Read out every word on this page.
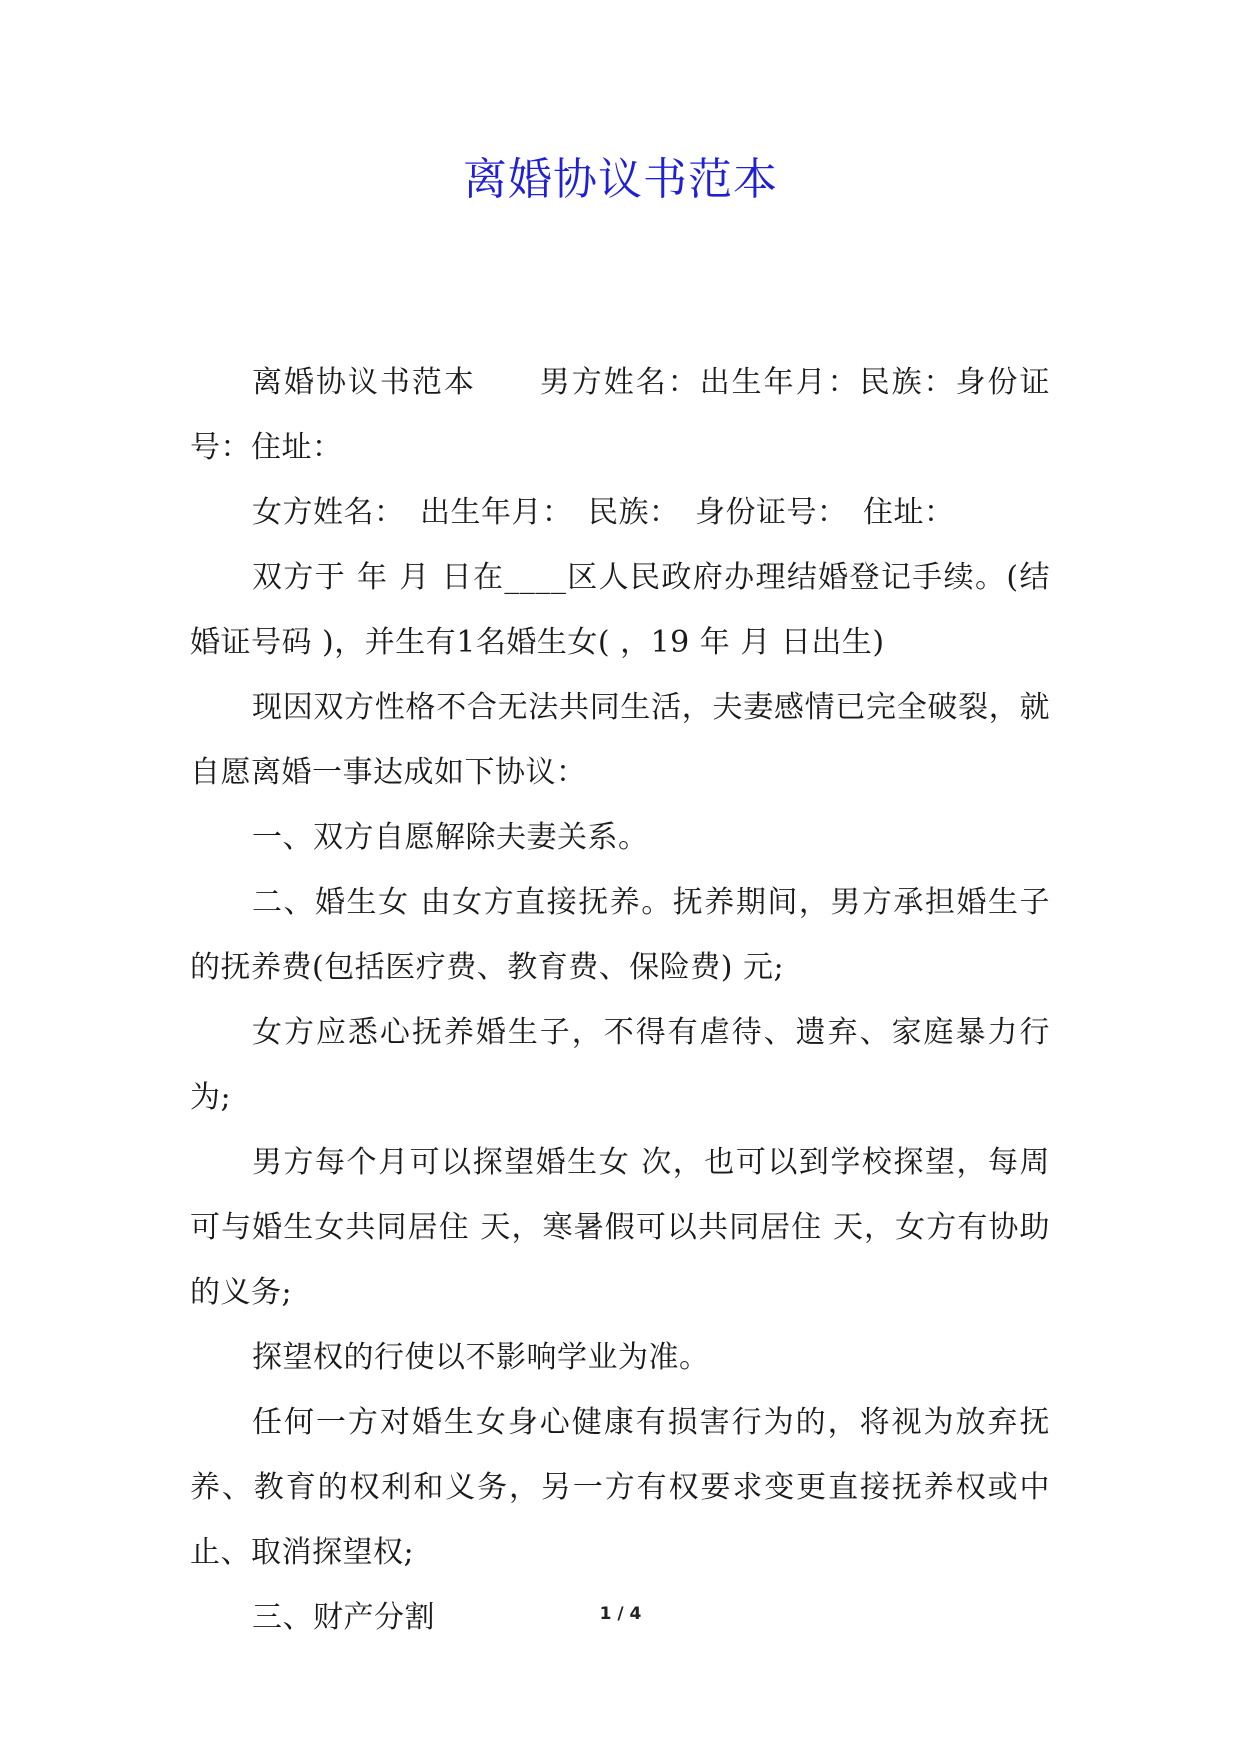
离婚协议书范本

离婚协议书范本　　男方姓名：出生年月：民族：身份证号：住址：

女方姓名：　出生年月：　民族：　身份证号：　住址：

双方于 年 月 日在____区人民政府办理结婚登记手续。(结婚证号码 )，并生有1名婚生女( ，19 年 月 日出生)

现因双方性格不合无法共同生活，夫妻感情已完全破裂，就自愿离婚一事达成如下协议：

一、双方自愿解除夫妻关系。

二、婚生女 由女方直接抚养。抚养期间，男方承担婚生子的抚养费(包括医疗费、教育费、保险费) 元;

女方应悉心抚养婚生子，不得有虐待、遗弃、家庭暴力行为;

男方每个月可以探望婚生女 次，也可以到学校探望，每周可与婚生女共同居住 天，寒暑假可以共同居住 天，女方有协助的义务;

探望权的行使以不影响学业为准。

任何一方对婚生女身心健康有损害行为的，将视为放弃抚养、教育的权利和义务，另一方有权要求变更直接抚养权或中止、取消探望权;

三、财产分割	1 / 4
